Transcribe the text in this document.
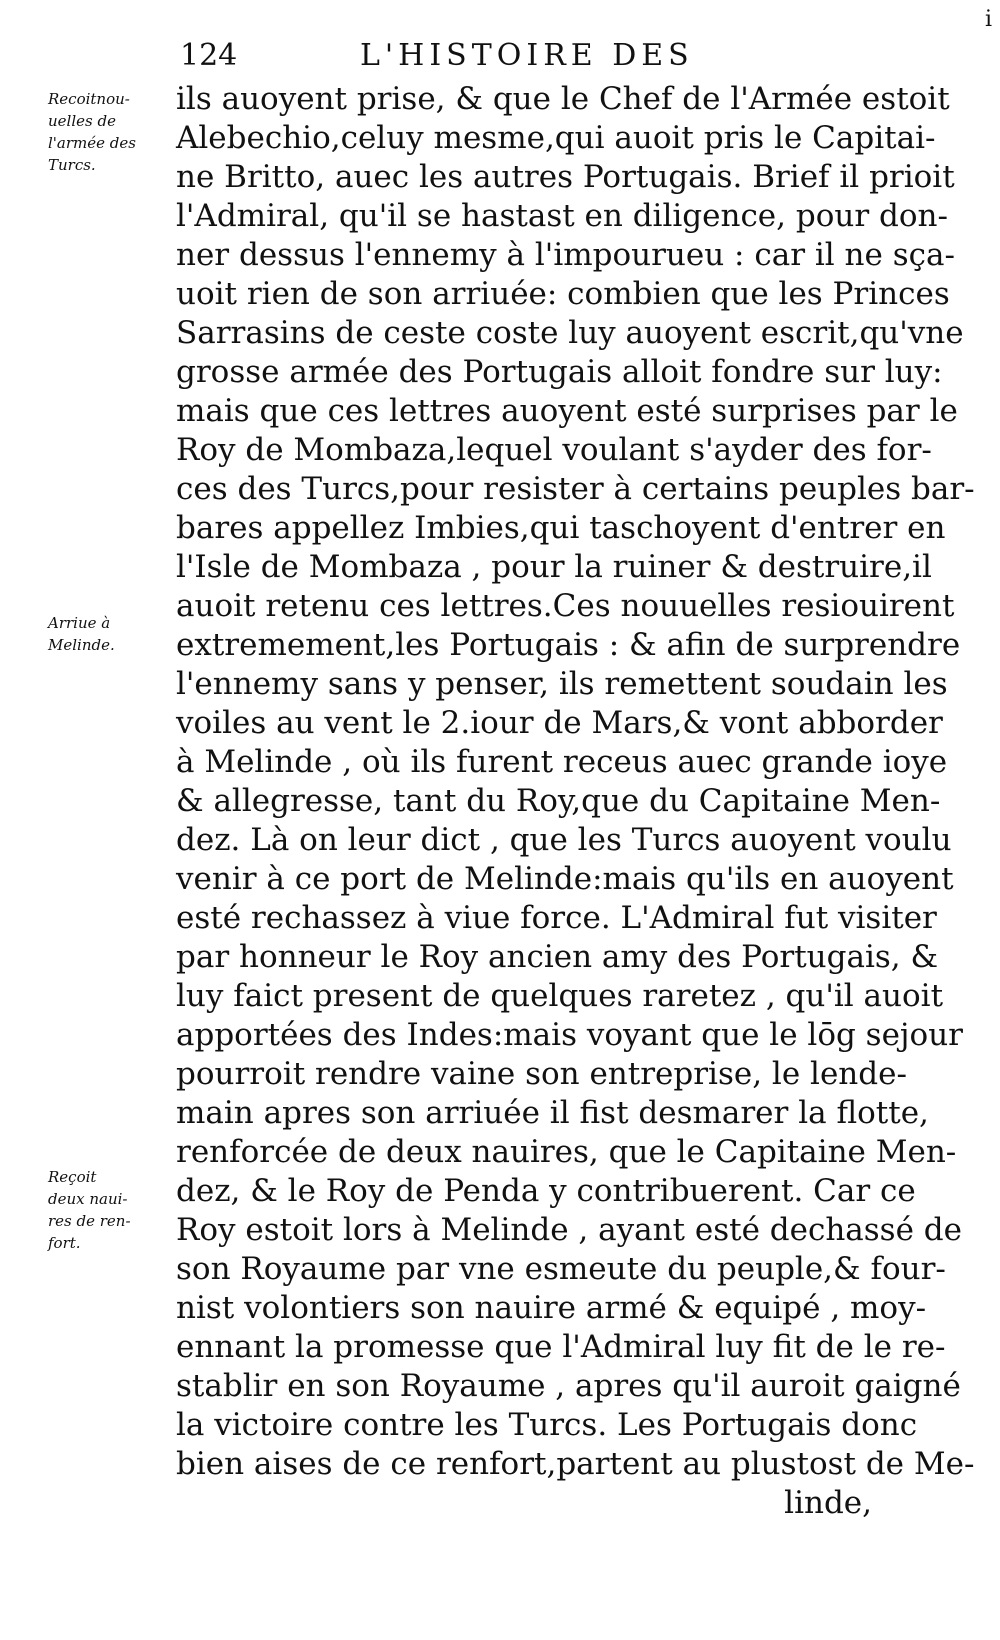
i
124	L'HISTOIRE DES
Recoitnou-
uelles de
l'armée des
Turcs.
Arriue à
Melinde.
Reçoit
deux naui-
res de ren-
fort.
ils auoyent prise, & que le Chef de l'Armée estoit
Alebechio,celuy mesme,qui auoit pris le Capitai-
ne Britto, auec les autres Portugais. Brief il prioit
l'Admiral, qu'il se hastast en diligence, pour don-
ner dessus l'ennemy à l'impourueu : car il ne sça-
uoit rien de son arriuée: combien que les Princes
Sarrasins de ceste coste luy auoyent escrit,qu'vne
grosse armée des Portugais alloit fondre sur luy:
mais que ces lettres auoyent esté surprises par le
Roy de Mombaza,lequel voulant s'ayder des for-
ces des Turcs,pour resister à certains peuples bar-
bares appellez Imbies,qui taschoyent d'entrer en
l'Isle de Mombaza , pour la ruiner & destruire,il
auoit retenu ces lettres.Ces nouuelles resiouirent
extremement,les Portugais : & afin de surprendre
l'ennemy sans y penser, ils remettent soudain les
voiles au vent le 2.iour de Mars,& vont abborder
à Melinde , où ils furent receus auec grande ioye
& allegresse, tant du Roy,que du Capitaine Men-
dez. Là on leur dict , que les Turcs auoyent voulu
venir à ce port de Melinde:mais qu'ils en auoyent
esté rechassez à viue force. L'Admiral fut visiter
par honneur le Roy ancien amy des Portugais, &
luy faict present de quelques raretez , qu'il auoit
apportées des Indes:mais voyant que le lōg sejour
pourroit rendre vaine son entreprise, le lende-
main apres son arriuée il fist desmarer la flotte,
renforcée de deux nauires, que le Capitaine Men-
dez, & le Roy de Penda y contribuerent. Car ce
Roy estoit lors à Melinde , ayant esté dechassé de
son Royaume par vne esmeute du peuple,& four-
nist volontiers son nauire armé & equipé , moy-
ennant la promesse que l'Admiral luy fit de le re-
stablir en son Royaume , apres qu'il auroit gaigné
la victoire contre les Turcs. Les Portugais donc
bien aises de ce renfort,partent au plustost de Me-
linde,
